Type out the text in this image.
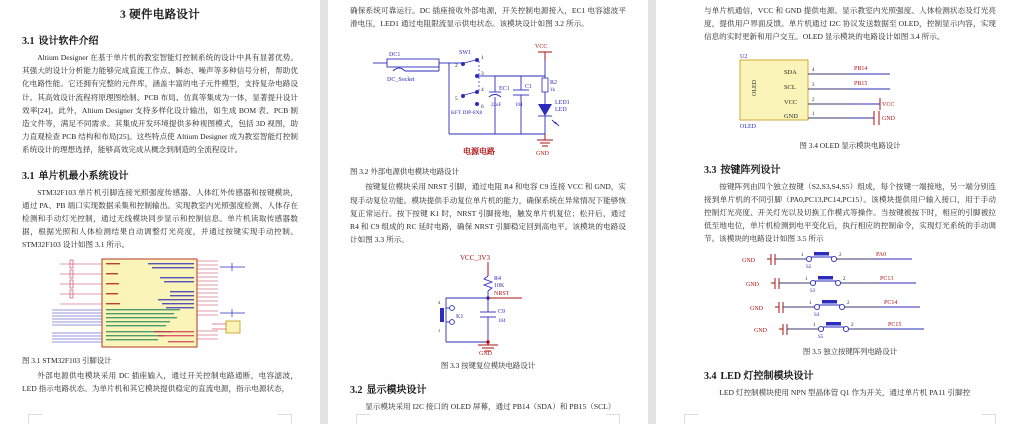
3 硬件电路设计
3.1 设计软件介绍

Altium Designer 在基于单片机的教室智能灯控制系统的设计中具有显著优势。其强大的设计分析能力能够完成直流工作点、瞬态、噪声等多种信号分析，帮助优化电路性能。它还拥有完整的元件库，涵盖丰富的电子元件模型，支持复杂电路设计。其高效设计流程将原理图绘制、PCB 布局、仿真等集成为一体，显著提升设计效率[24]。此外，Altium Designer 支持多样化设计输出，如生成 BOM 表、PCB 制造文件等，满足不同需求。其集成开发环境提供多种视图模式，包括 3D 视图，助力直观检查 PCB 结构和布局[25]。这些特点使 Altium Designer 成为教室智能灯控制系统设计的理想选择，能够高效完成从概念到制造的全流程设计。

3.1 单片机最小系统设计

STM32F103 单片机引脚连接光照强度传感器、人体红外传感器和按键模块，通过 PA、PB 端口实现数据采集和控制输出。实现教室内光照强度检测、人体存在检测和手动灯光控制，通过无线模块同步显示和控制信息。单片机读取传感器数据，根据光照和人体检测结果自动调整灯光亮度，并通过按键实现手动控制。STM32F103 设计如图 3.1 所示。

图 3.1 STM32F103 引脚设计

外部电源供电模块采用 DC 插座输入，通过开关控制电路通断，电容滤波，LED 指示电路状态。为单片机和其它模块提供稳定的直流电源，指示电源状态，

确保系统可靠运行。DC 插座接收外部电源，开关控制电源接入，EC1 电容滤波平滑电压，LED1 通过电阻限流显示供电状态。该模块设计如图 3.2 所示。

VCC
DC1
DC_Socket
SW1
1
2
3
4
5
6
KFT DIP-8X8
EC1
22uF
C1
104
R2
1k
LED1
LED
GND
电源电路
图 3.2 外部电源供电模块电路设计

按键复位模块采用 NRST 引脚，通过电阻 R4 和电容 C9 连接 VCC 和 GND，实现手动复位功能。模块提供手动复位单片机的能力，确保系统在异常情况下能够恢复正常运行。按下按键 K1 时，NRST 引脚接地，触发单片机复位；松开后，通过 R4 和 C9 组成的 RC 延时电路，确保 NRST 引脚稳定回到高电平。该模块的电路设计如图 3.3 所示。

VCC_3V3
R4
10K
NRST
K1
4
1
C9
104
GND
图 3.3 按键复位模块电路设计
3.2 显示模块设计

显示模块采用 I2C 接口的 OLED 屏幕，通过 PB14（SDA）和 PB15（SCL）

与单片机通信，VCC 和 GND 提供电源。显示教室内光照强度、人体检测状态及灯光亮度，提供用户界面反馈。单片机通过 I2C 协议发送数据至 OLED，控制显示内容，实现信息的实时更新和用户交互。OLED 显示模块的电路设计如图 3.4 所示。

U2
OLED
OLED
SDA	4	PB14
SCL	3	PB15
VCC	2
VCC
GND	1
GND
图 3.4 OLED 显示模块电路设计
3.3 按键阵列设计

按键阵列由四个独立按键（S2,S3,S4,S5）组成，每个按键一端接地，另一端分别连接到单片机的不同引脚（PA0,PC13,PC14,PC15）。该模块提供用户输入接口，用于手动控制灯光亮度、开关灯光以及切换工作模式等操作。当按键被按下时，相应的引脚被拉低至地电位，单片机检测到电平变化后，执行相应的控制命令，实现灯光系统的手动调节。该模块的电路设计如图 3.5 所示

GND
1	2
S2
PA0
GND
1	2
S3
PC13
GND
1	2
S4
PC14
GND
1	2
S5
PC15
图 3.5 独立按键阵列电路设计
3.4 LED 灯控制模块设计

LED 灯控制模块使用 NPN 型晶体管 Q1 作为开关，通过单片机 PA11 引脚控
